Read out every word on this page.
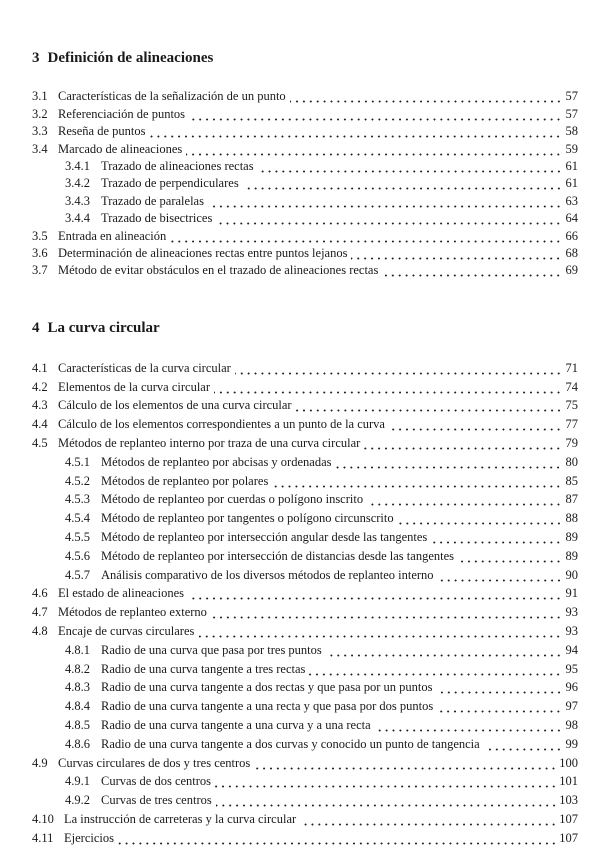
3 Definición de alineaciones
3.1 Características de la señalización de un punto	57
3.2 Referenciación de puntos	57
3.3 Reseña de puntos	58
3.4 Marcado de alineaciones	59
3.4.1 Trazado de alineaciones rectas	61
3.4.2 Trazado de perpendiculares	61
3.4.3 Trazado de paralelas	63
3.4.4 Trazado de bisectrices	64
3.5 Entrada en alineación	66
3.6 Determinación de alineaciones rectas entre puntos lejanos	68
3.7 Método de evitar obstáculos en el trazado de alineaciones rectas	69
4 La curva circular
4.1 Características de la curva circular	71
4.2 Elementos de la curva circular	74
4.3 Cálculo de los elementos de una curva circular	75
4.4 Cálculo de los elementos correspondientes a un punto de la curva	77
4.5 Métodos de replanteo interno por traza de una curva circular	79
4.5.1 Métodos de replanteo por abcisas y ordenadas	80
4.5.2 Métodos de replanteo por polares	85
4.5.3 Método de replanteo por cuerdas o polígono inscrito	87
4.5.4 Método de replanteo por tangentes o polígono circunscrito	88
4.5.5 Método de replanteo por intersección angular desde las tangentes	89
4.5.6 Método de replanteo por intersección de distancias desde las tangentes	89
4.5.7 Análisis comparativo de los diversos métodos de replanteo interno	90
4.6 El estado de alineaciones	91
4.7 Métodos de replanteo externo	93
4.8 Encaje de curvas circulares	93
4.8.1 Radio de una curva que pasa por tres puntos	94
4.8.2 Radio de una curva tangente a tres rectas	95
4.8.3 Radio de una curva tangente a dos rectas y que pasa por un puntos	96
4.8.4 Radio de una curva tangente a una recta y que pasa por dos puntos	97
4.8.5 Radio de una curva tangente a una curva y a una recta	98
4.8.6 Radio de una curva tangente a dos curvas y conocido un punto de tangencia	99
4.9 Curvas circulares de dos y tres centros	100
4.9.1 Curvas de dos centros	101
4.9.2 Curvas de tres centros	103
4.10 La instrucción de carreteras y la curva circular	107
4.11 Ejercicios	107
